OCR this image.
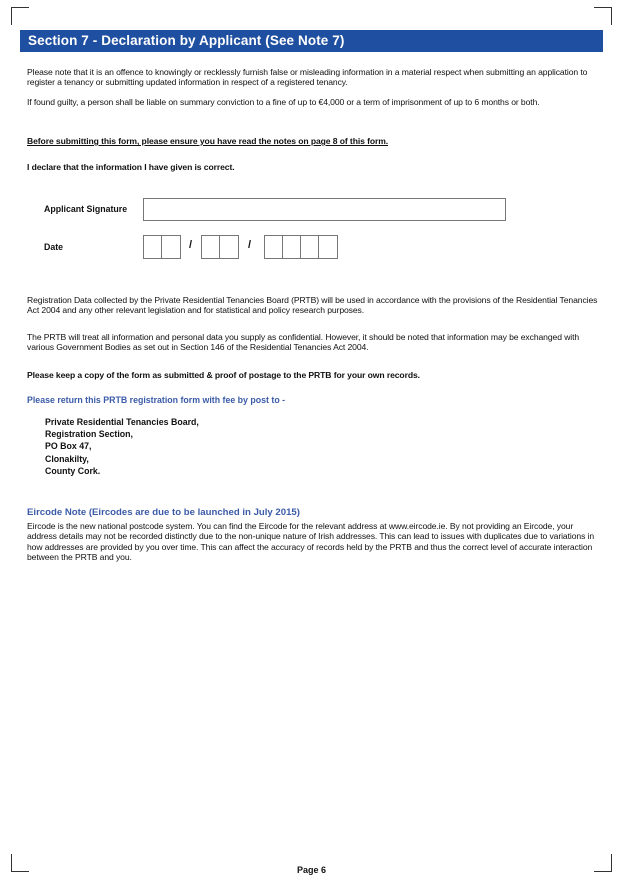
Section 7 - Declaration by Applicant (See Note 7)

Please note that it is an offence to knowingly or recklessly furnish false or misleading information in a material respect when submitting an application to register a tenancy or submitting updated information in respect of a registered tenancy.

If found guilty, a person shall be liable on summary conviction to a fine of up to €4,000 or a term of imprisonment of up to 6 months or both.

Before submitting this form, please ensure you have read the notes on page 8 of this form.

I declare that the information I have given is correct.

Applicant Signature
Date	/	/

Registration Data collected by the Private Residential Tenancies Board (PRTB) will be used in accordance with the provisions of the Residential Tenancies Act 2004 and any other relevant legislation and for statistical and policy research purposes.

The PRTB will treat all information and personal data you supply as confidential. However, it should be noted that information may be exchanged with various Government Bodies as set out in Section 146 of the Residential Tenancies Act 2004.

Please keep a copy of the form as submitted & proof of postage to the PRTB for your own records.

Please return this PRTB registration form with fee by post to -
Private Residential Tenancies Board,
Registration Section,
PO Box 47,
Clonakilty,
County Cork.
Eircode Note (Eircodes are due to be launched in July 2015)

Eircode is the new national postcode system. You can find the Eircode for the relevant address at www.eircode.ie. By not providing an Eircode, your address details may not be recorded distinctly due to the non-unique nature of Irish addresses. This can lead to issues with duplicates due to variations in how addresses are provided by you over time. This can affect the accuracy of records held by the PRTB and thus the correct level of accurate interaction between the PRTB and you.

Page 6
